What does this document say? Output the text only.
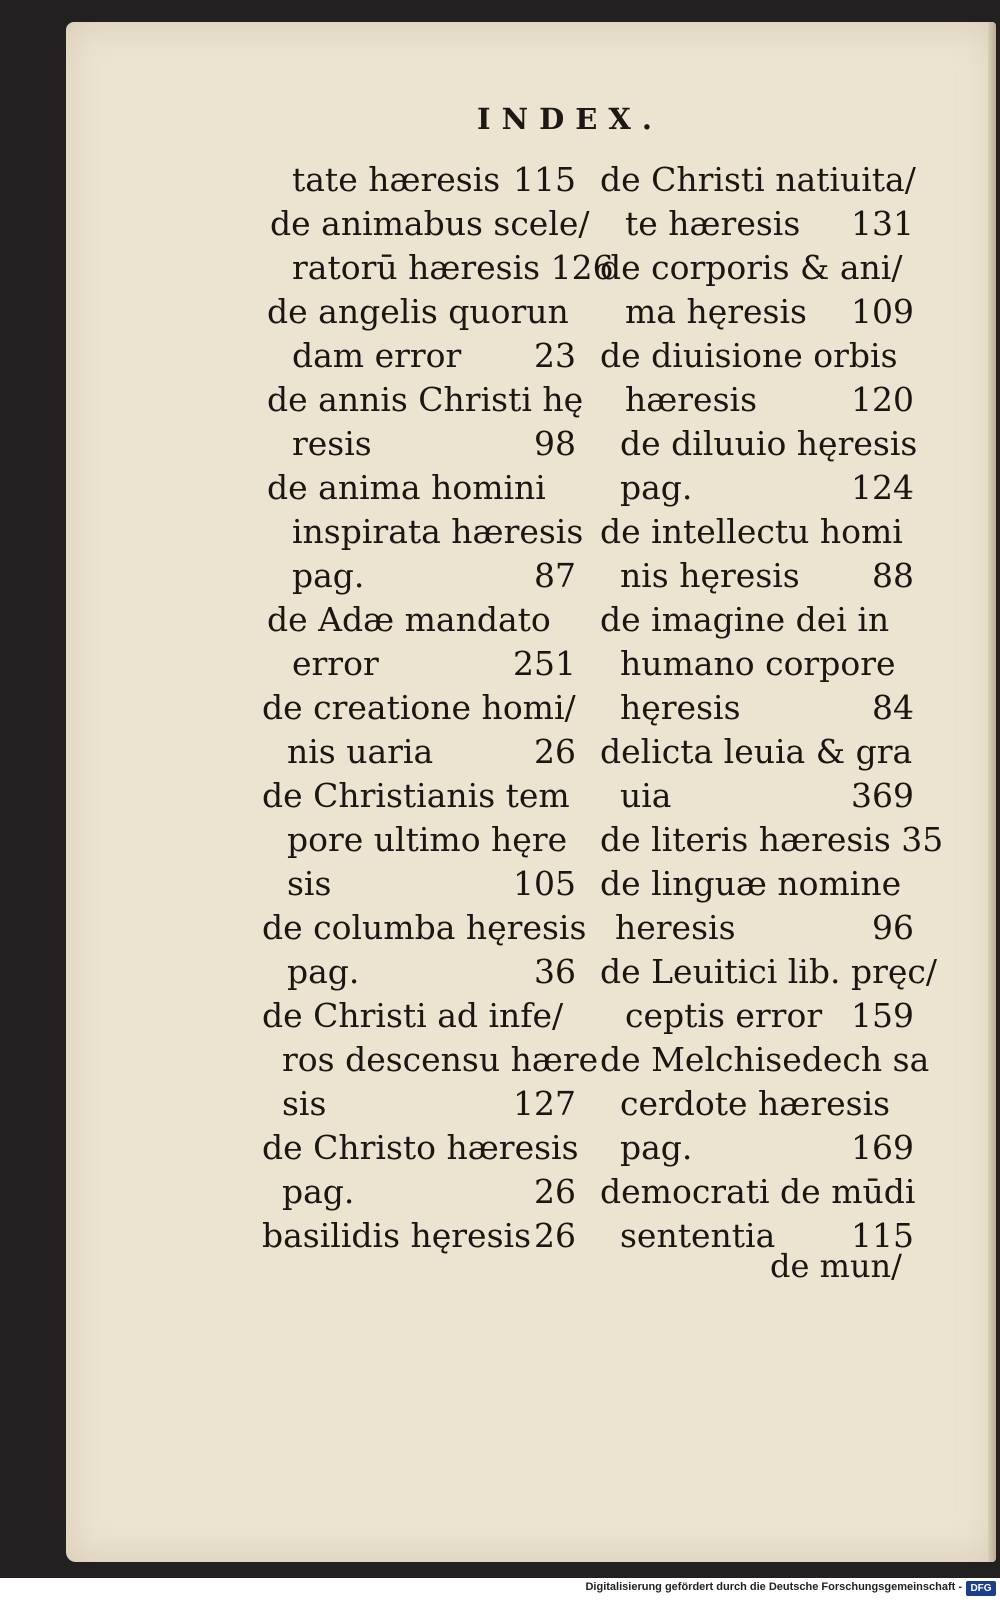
INDEX.
tate hæresis 115
de animabus scele/
ratorū hæresis 126
de angelis quorun
dam error 23
de annis Christi hę
resis	98
de anima homini
inspirata hæresis
pag.	87
de Adæ mandato
error	251
de creatione homi/
nis uaria	26
de Christianis tem
pore ultimo hęre
sis	105
de columba hęresis
pag.	36
de Christi ad infe/
ros descensu hære
sis	127
de Christo hæresis
pag.	26
basilidis hęresis 26
de Christi natiuita/
te hæresis 131
de corporis & ani/
ma hęresis 109
de diuisione orbis
hæresis	120
de diluuio hęresis
pag.	124
de intellectu homi
nis hęresis 88
de imagine dei in
humano corpore
hęresis	84
delicta leuia & gra
uia	369
de literis hæresis 35
de linguæ nomine
heresis	96
de Leuitici lib. pręc/
ceptis error 159
de Melchisedech sa
cerdote hæresis
pag.	169
democrati de mūdi
sententia 115
de mun/
Digitalisierung gefördert durch die Deutsche Forschungsgemeinschaft - DFG
